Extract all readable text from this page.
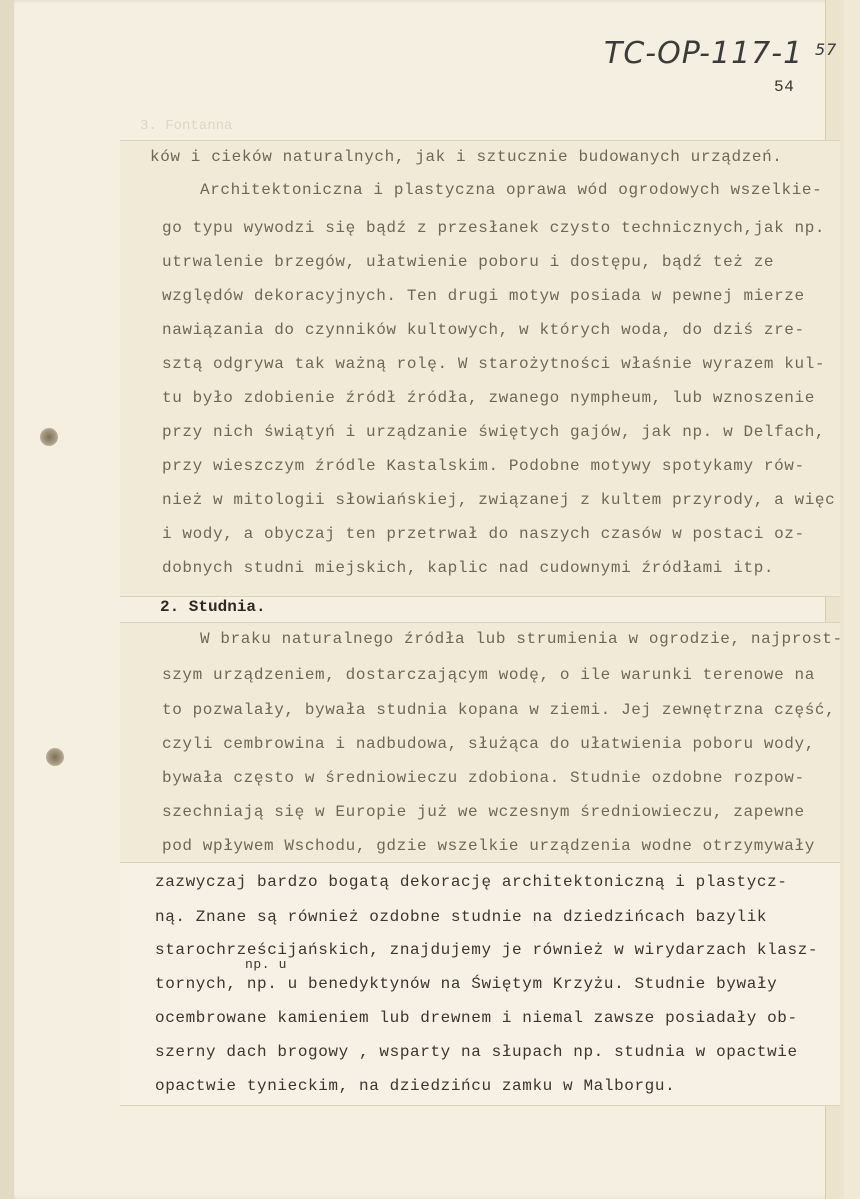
TC-OP-117-1 57
54
3. Fontanna
ków i cieków naturalnych, jak i sztucznie budowanych urządzeń.
Architektoniczna i plastyczna oprawa wód ogrodowych wszelkie-
go typu wywodzi się bądź z przesłanek czysto technicznych,jak np.
utrwalenie brzegów, ułatwienie poboru i dostępu, bądź też ze
względów dekoracyjnych. Ten drugi motyw posiada w pewnej mierze
nawiązania do czynników kultowych, w których woda, do dziś zre-
sztą odgrywa tak ważną rolę. W starożytności właśnie wyrazem kul-
tu było zdobienie źródł źródła, zwanego nympheum, lub wznoszenie
przy nich świątyń i urządzanie świętych gajów, jak np. w Delfach,
przy wieszczym źródle Kastalskim. Podobne motywy spotykamy rów-
nież w mitologii słowiańskiej, związanej z kultem przyrody, a więc
i wody, a obyczaj ten przetrwał do naszych czasów w postaci oz-
dobnych studni miejskich, kaplic nad cudownymi źródłami itp.
2. Studnia.
W braku naturalnego źródła lub strumienia w ogrodzie, najprost-
szym urządzeniem, dostarczającym wodę, o ile warunki terenowe na
to pozwalały, bywała studnia kopana w ziemi. Jej zewnętrzna część,
czyli cembrowina i nadbudowa, służąca do ułatwienia poboru wody,
bywała często w średniowieczu zdobiona. Studnie ozdobne rozpow-
szechniają się w Europie już we wczesnym średniowieczu, zapewne
pod wpływem Wschodu, gdzie wszelkie urządzenia wodne otrzymywały
zazwyczaj bardzo bogatą dekorację architektoniczną i plastycz-
ną. Znane są również ozdobne studnie na dziedzińcach bazylik
starochrześcijańskich, znajdujemy je również w wirydarzach klasz-
np. u
tornych, np. u benedyktynów na Świętym Krzyżu. Studnie bywały
ocembrowane kamieniem lub drewnem i niemal zawsze posiadały ob-
szerny dach brogowy , wsparty na słupach np. studnia w opactwie
opactwie tynieckim, na dziedzińcu zamku w Malborgu.
